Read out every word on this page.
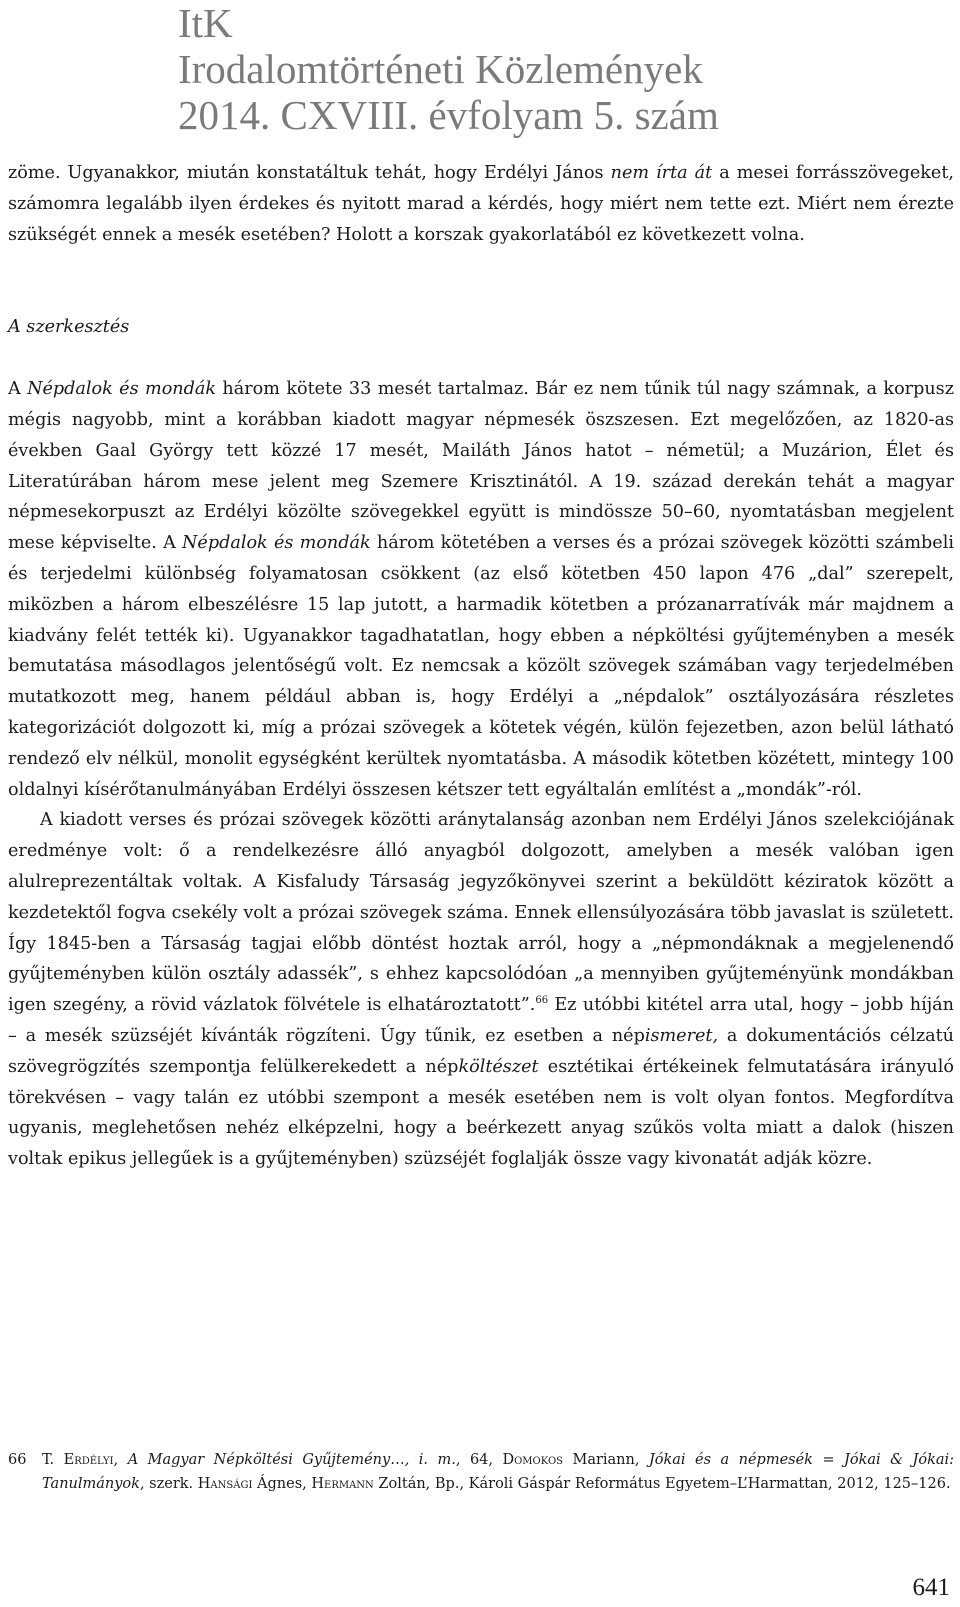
ItK
Irodalomtörténeti Közlemények
2014. CXVIII. évfolyam 5. szám

zöme. Ugyanakkor, miután konstatáltuk tehát, hogy Erdélyi János nem írta át a mesei forrásszövegeket, számomra legalább ilyen érdekes és nyitott marad a kérdés, hogy miért nem tette ezt. Miért nem érezte szükségét ennek a mesék esetében? Holott a korszak gyakorlatából ez következett volna.

A szerkesztés

A Népdalok és mondák három kötete 33 mesét tartalmaz. Bár ez nem tűnik túl nagy számnak, a korpusz mégis nagyobb, mint a korábban kiadott magyar népmesék öszszesen. Ezt megelőzően, az 1820-as években Gaal György tett közzé 17 mesét, Mailáth János hatot – németül; a Muzárion, Élet és Literatúrában három mese jelent meg Szemere Krisztinától. A 19. század derekán tehát a magyar népmesekorpuszt az Erdélyi közölte szövegekkel együtt is mindössze 50–60, nyomtatásban megjelent mese képviselte. A Népdalok és mondák három kötetében a verses és a prózai szövegek közötti számbeli és terjedelmi különbség folyamatosan csökkent (az első kötetben 450 lapon 476 „dal” szerepelt, miközben a három elbeszélésre 15 lap jutott, a harmadik kötetben a prózanarratívák már majdnem a kiadvány felét tették ki). Ugyanakkor tagadhatatlan, hogy ebben a népköltési gyűjteményben a mesék bemutatása másodlagos jelentőségű volt. Ez nemcsak a közölt szövegek számában vagy terjedelmében mutatkozott meg, hanem például abban is, hogy Erdélyi a „népdalok” osztályozására részletes kategorizációt dolgozott ki, míg a prózai szövegek a kötetek végén, külön fejezetben, azon belül látható rendező elv nélkül, monolit egységként kerültek nyomtatásba. A második kötetben közétett, mintegy 100 oldalnyi kísérőtanulmányában Erdélyi összesen kétszer tett egyáltalán említést a „mondák”-ról.

A kiadott verses és prózai szövegek közötti aránytalanság azonban nem Erdélyi János szelekciójának eredménye volt: ő a rendelkezésre álló anyagból dolgozott, amelyben a mesék valóban igen alulreprezentáltak voltak. A Kisfaludy Társaság jegyzőkönyvei szerint a beküldött kéziratok között a kezdetektől fogva csekély volt a prózai szövegek száma. Ennek ellensúlyozására több javaslat is született. Így 1845-ben a Társaság tagjai előbb döntést hoztak arról, hogy a „népmondáknak a megjelenendő gyűjteményben külön osztály adassék”, s ehhez kapcsolódóan „a mennyiben gyűjteményünk mondákban igen szegény, a rövid vázlatok fölvétele is elhatároztatott”.$^{66}$ Ez utóbbi kitétel arra utal, hogy – jobb híján – a mesék szüzséjét kívánták rögzíteni. Úgy tűnik, ez esetben a népismeret, a dokumentációs célzatú szövegrögzítés szempontja felülkerekedett a népköltészet esztétikai értékeinek felmutatására irányuló törekvésen – vagy talán ez utóbbi szempont a mesék esetében nem is volt olyan fontos. Megfordítva ugyanis, meglehetősen nehéz elképzelni, hogy a beérkezett anyag szűkös volta miatt a dalok (hiszen voltak epikus jellegűek is a gyűjteményben) szüzséjét foglalják össze vagy kivonatát adják közre.

66	T. Erdélyi, A Magyar Népköltési Gyűjtemény…, i. m., 64, Domokos Mariann, Jókai és a népmesék = Jókai & Jókai: Tanulmányok, szerk. Hansági Ágnes, Hermann Zoltán, Bp., Károli Gáspár Református Egyetem–L’Harmattan, 2012, 125–126.
641
